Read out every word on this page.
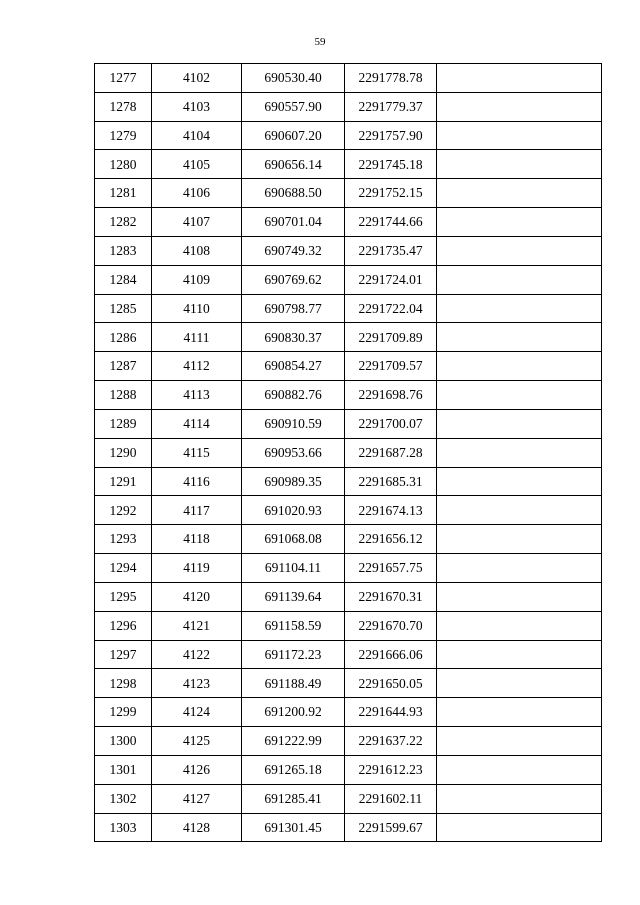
59
1277	4102	690530.40	2291778.78	
1278	4103	690557.90	2291779.37	
1279	4104	690607.20	2291757.90	
1280	4105	690656.14	2291745.18	
1281	4106	690688.50	2291752.15	
1282	4107	690701.04	2291744.66	
1283	4108	690749.32	2291735.47	
1284	4109	690769.62	2291724.01	
1285	4110	690798.77	2291722.04	
1286	4111	690830.37	2291709.89	
1287	4112	690854.27	2291709.57	
1288	4113	690882.76	2291698.76	
1289	4114	690910.59	2291700.07	
1290	4115	690953.66	2291687.28	
1291	4116	690989.35	2291685.31	
1292	4117	691020.93	2291674.13	
1293	4118	691068.08	2291656.12	
1294	4119	691104.11	2291657.75	
1295	4120	691139.64	2291670.31	
1296	4121	691158.59	2291670.70	
1297	4122	691172.23	2291666.06	
1298	4123	691188.49	2291650.05	
1299	4124	691200.92	2291644.93	
1300	4125	691222.99	2291637.22	
1301	4126	691265.18	2291612.23	
1302	4127	691285.41	2291602.11	
1303	4128	691301.45	2291599.67	
